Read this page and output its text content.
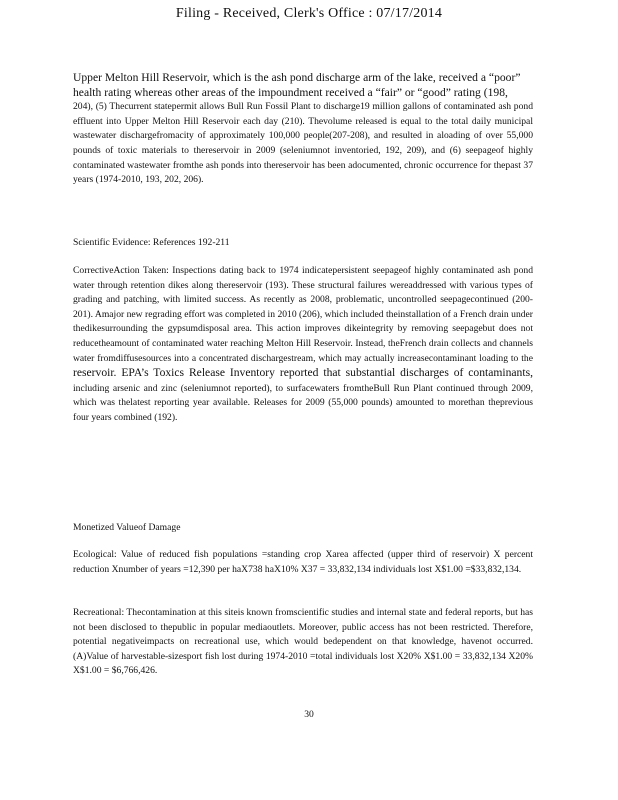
Filing - Received, Clerk's Office : 07/17/2014
Upper Melton Hill Reservoir, which is the ash pond discharge arm of the lake, received a “poor”
health rating whereas other areas of the impoundment received a “fair” or “good” rating (198,

204), (5) Thecurrent statepermit allows Bull Run Fossil Plant to discharge19 million gallons of contaminated ash pond effluent into Upper Melton Hill Reservoir each day (210). Thevolume released is equal to the total daily municipal wastewater dischargefromacity of approximately 100,000 people(207-208), and resulted in aloading of over 55,000 pounds of toxic materials to thereservoir in 2009 (seleniumnot inventoried, 192, 209), and (6) seepageof highly contaminated wastewater fromthe ash ponds into thereservoir has been adocumented, chronic occurrence for thepast 37 years (1974-2010, 193, 202, 206).

Scientific Evidence: References 192-211

CorrectiveAction Taken: Inspections dating back to 1974 indicatepersistent seepageof highly contaminated ash pond water through retention dikes along thereservoir (193). These structural failures wereaddressed with various types of grading and patching, with limited success. As recently as 2008, problematic, uncontrolled seepagecontinued (200-201). Amajor new regrading effort was completed in 2010 (206), which included theinstallation of a French drain under thedikesurrounding the gypsumdisposal area. This action improves dikeintegrity by removing seepagebut does not reducetheamount of contaminated water reaching Melton Hill Reservoir. Instead, theFrench drain collects and channels water fromdiffusesources into a concentrated dischargestream, which may actually increasecontaminant loading to the reservoir. EPA’s Toxics Release Inventory reported that substantial discharges of contaminants, including arsenic and zinc (seleniumnot reported), to surfacewaters fromtheBull Run Plant continued through 2009, which was thelatest reporting year available. Releases for 2009 (55,000 pounds) amounted to morethan theprevious four years combined (192).

Monetized Valueof Damage

Ecological: Value of reduced fish populations =standing crop Xarea affected (upper third of reservoir) X percent reduction Xnumber of years =12,390 per haX738 haX10% X37 = 33,832,134 individuals lost X$1.00 =$33,832,134.

Recreational: Thecontamination at this siteis known fromscientific studies and internal state and federal reports, but has not been disclosed to thepublic in popular mediaoutlets. Moreover, public access has not been restricted. Therefore, potential negativeimpacts on recreational use, which would bedependent on that knowledge, havenot occurred. (A)Value of harvestable-sizesport fish lost during 1974-2010 =total individuals lost X20% X$1.00 = 33,832,134 X20% X$1.00 = $6,766,426.

30
